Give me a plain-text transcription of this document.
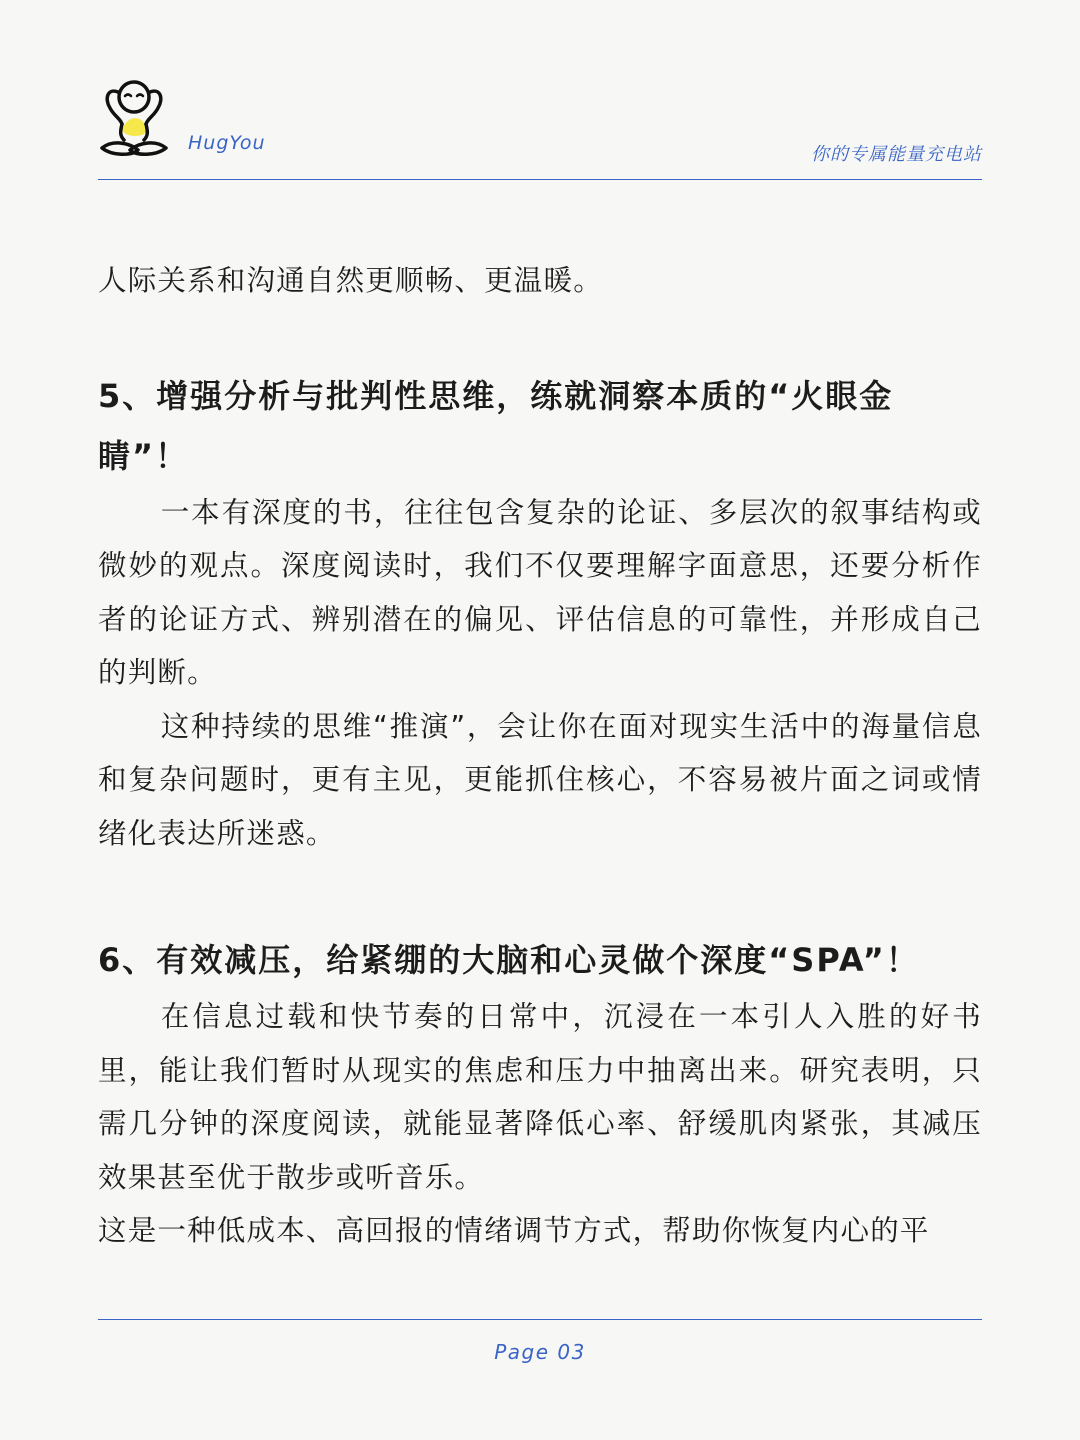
HugYou
你的专属能量充电站

人际关系和沟通自然更顺畅、更温暖。

5、增强分析与批判性思维，练就洞察本质的“火眼金睛”！

一本有深度的书，往往包含复杂的论证、多层次的叙事结构或微妙的观点。深度阅读时，我们不仅要理解字面意思，还要分析作者的论证方式、辨别潜在的偏见、评估信息的可靠性，并形成自己的判断。

这种持续的思维“推演”，会让你在面对现实生活中的海量信息和复杂问题时，更有主见，更能抓住核心，不容易被片面之词或情绪化表达所迷惑。

6、有效减压，给紧绷的大脑和心灵做个深度“SPA”！

在信息过载和快节奏的日常中，沉浸在一本引人入胜的好书里，能让我们暂时从现实的焦虑和压力中抽离出来。研究表明，只需几分钟的深度阅读，就能显著降低心率、舒缓肌肉紧张，其减压效果甚至优于散步或听音乐。

这是一种低成本、高回报的情绪调节方式，帮助你恢复内心的平

Page 03
